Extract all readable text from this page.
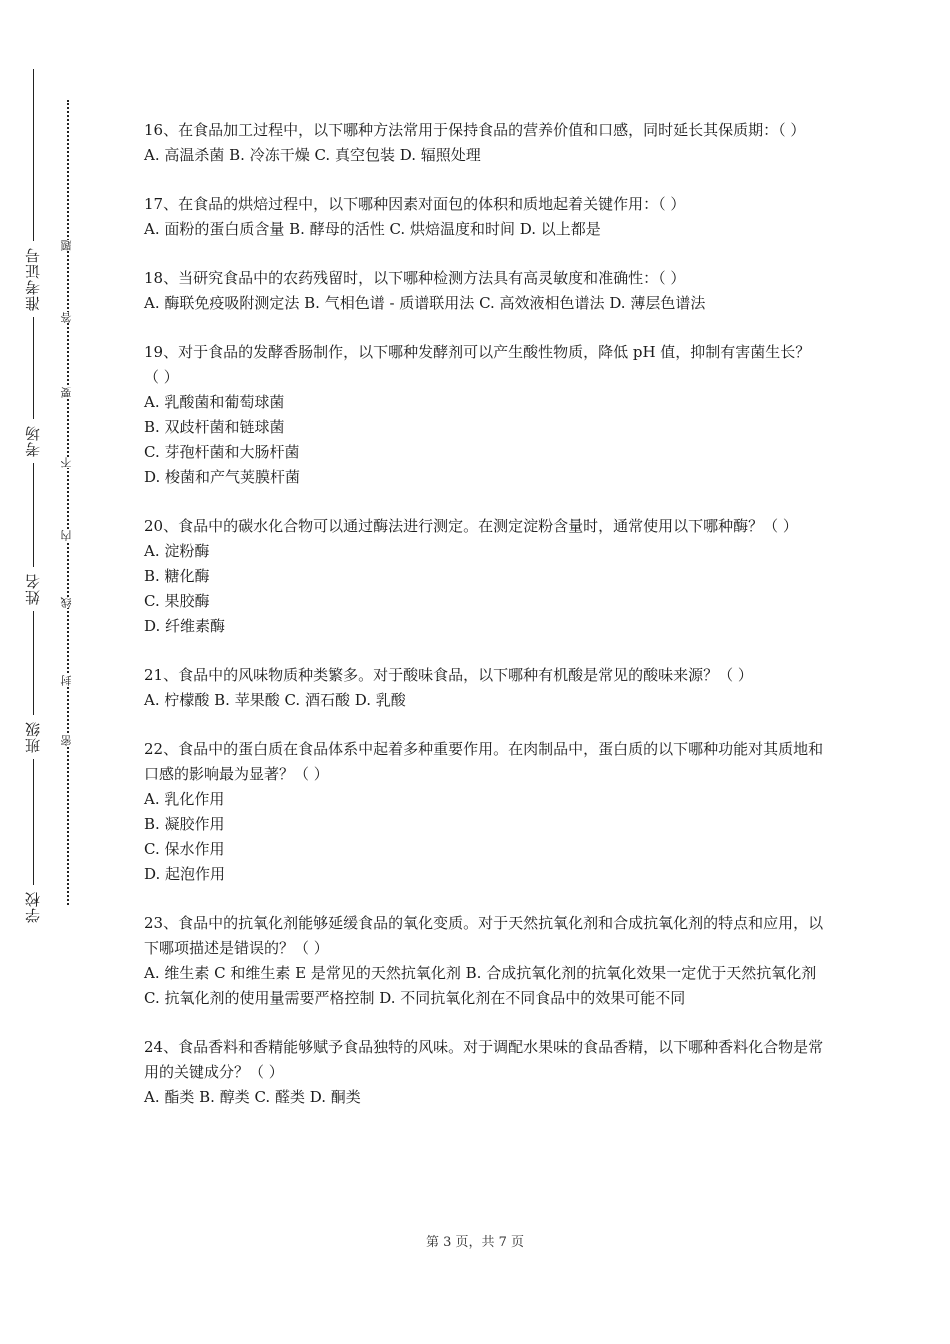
学校
班级
姓名
考场
准考证号
密
封
线
内
不
要
答
题

16、在食品加工过程中，以下哪种方法常用于保持食品的营养价值和口感，同时延长其保质期：（ ）

A. 高温杀菌 B. 冷冻干燥 C. 真空包装 D. 辐照处理

17、在食品的烘焙过程中，以下哪种因素对面包的体积和质地起着关键作用：（ ）

A. 面粉的蛋白质含量 B. 酵母的活性 C. 烘焙温度和时间 D. 以上都是

18、当研究食品中的农药残留时，以下哪种检测方法具有高灵敏度和准确性：（ ）

A. 酶联免疫吸附测定法 B. 气相色谱 - 质谱联用法 C. 高效液相色谱法 D. 薄层色谱法

19、对于食品的发酵香肠制作，以下哪种发酵剂可以产生酸性物质，降低 pH 值，抑制有害菌生长？（ ）

A. 乳酸菌和葡萄球菌

B. 双歧杆菌和链球菌

C. 芽孢杆菌和大肠杆菌

D. 梭菌和产气荚膜杆菌

20、食品中的碳水化合物可以通过酶法进行测定。在测定淀粉含量时，通常使用以下哪种酶？（ ）

A. 淀粉酶

B. 糖化酶

C. 果胶酶

D. 纤维素酶

21、食品中的风味物质种类繁多。对于酸味食品，以下哪种有机酸是常见的酸味来源？（ ）

A. 柠檬酸 B. 苹果酸 C. 酒石酸 D. 乳酸

22、食品中的蛋白质在食品体系中起着多种重要作用。在肉制品中，蛋白质的以下哪种功能对其质地和口感的影响最为显著？（ ）

A. 乳化作用

B. 凝胶作用

C. 保水作用

D. 起泡作用

23、食品中的抗氧化剂能够延缓食品的氧化变质。对于天然抗氧化剂和合成抗氧化剂的特点和应用，以下哪项描述是错误的？（ ）

A. 维生素 C 和维生素 E 是常见的天然抗氧化剂 B. 合成抗氧化剂的抗氧化效果一定优于天然抗氧化剂 C. 抗氧化剂的使用量需要严格控制 D. 不同抗氧化剂在不同食品中的效果可能不同

24、食品香料和香精能够赋予食品独特的风味。对于调配水果味的食品香精，以下哪种香料化合物是常用的关键成分？（ ）

A. 酯类 B. 醇类 C. 醛类 D. 酮类

第 3 页，共 7 页
